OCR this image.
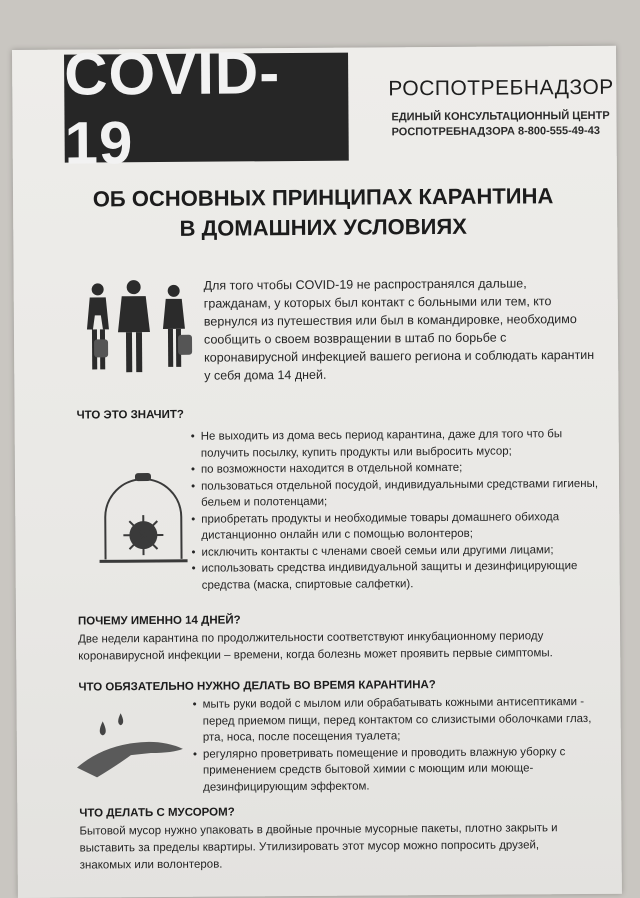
COVID-19
РОСПОТРЕБНАДЗОР
ЕДИНЫЙ КОНСУЛЬТАЦИОННЫЙ ЦЕНТР
РОСПОТРЕБНАДЗОРА 8-800-555-49-43
ОБ ОСНОВНЫХ ПРИНЦИПАХ КАРАНТИНА
В ДОМАШНИХ УСЛОВИЯХ
Для того чтобы COVID-19 не распространялся дальше, гражданам, у которых был контакт с больными или тем, кто вернулся из путешествия или был в командировке, необходимо сообщить о своем возвращении в штаб по борьбе с коронавирусной инфекцией вашего региона и соблюдать карантин у себя дома 14 дней.
ЧТО ЭТО ЗНАЧИТ?
• Не выходить из дома весь период карантина, даже для того что бы получить посылку, купить продукты или выбросить мусор;
• по возможности находится в отдельной комнате;
• пользоваться отдельной посудой, индивидуальными средствами гигиены, бельем и полотенцами;
• приобретать продукты и необходимые товары домашнего обихода дистанционно онлайн или с помощью волонтеров;
• исключить контакты с членами своей семьи или другими лицами;
• использовать средства индивидуальной защиты и дезинфицирующие средства (маска, спиртовые салфетки).
ПОЧЕМУ ИМЕННО 14 ДНЕЙ?
Две недели карантина по продолжительности соответствуют инкубационному периоду коронавирусной инфекции – времени, когда болезнь может проявить первые симптомы.
ЧТО ОБЯЗАТЕЛЬНО НУЖНО ДЕЛАТЬ ВО ВРЕМЯ КАРАНТИНА?
• мыть руки водой с мылом или обрабатывать кожными антисептиками - перед приемом пищи, перед контактом со слизистыми оболочками глаз, рта, носа, после посещения туалета;
• регулярно проветривать помещение и проводить влажную уборку с применением средств бытовой химии с моющим или моюще-дезинфицирующим эффектом.
ЧТО ДЕЛАТЬ С МУСОРОМ?
Бытовой мусор нужно упаковать в двойные прочные мусорные пакеты, плотно закрыть и выставить за пределы квартиры. Утилизировать этот мусор можно попросить друзей, знакомых или волонтеров.
